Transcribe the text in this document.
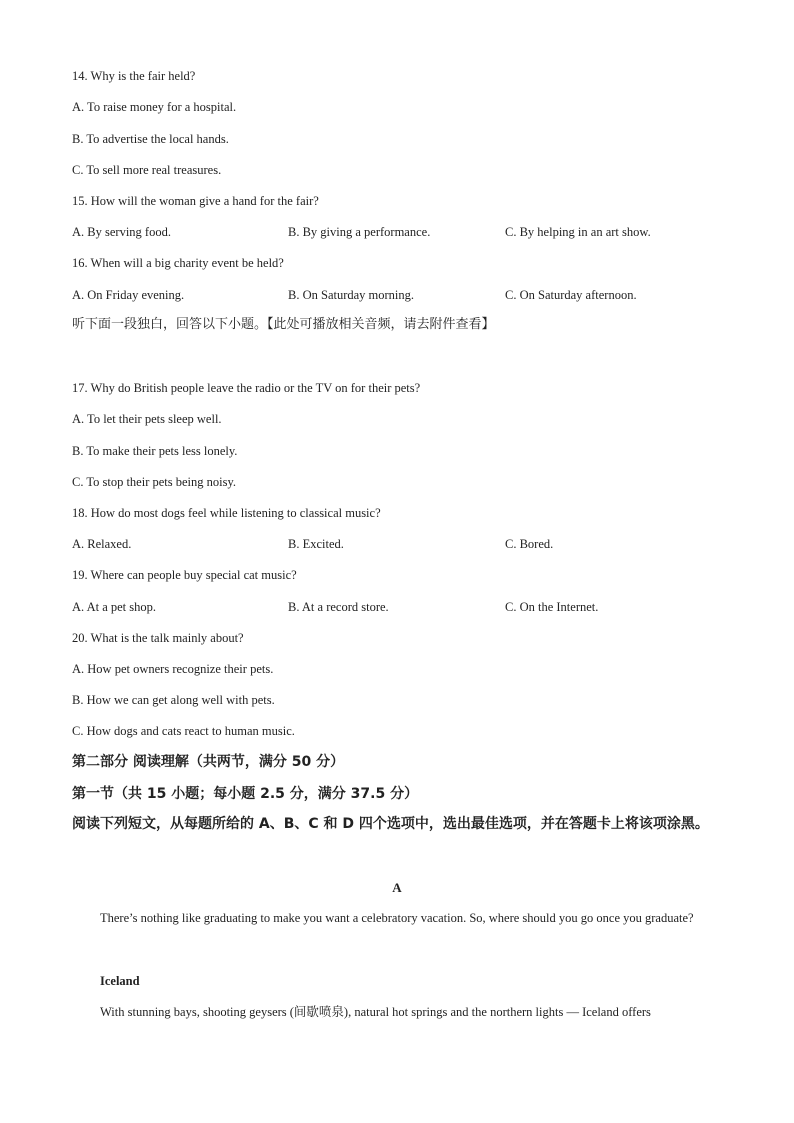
14. Why is the fair held?
A. To raise money for a hospital.
B. To advertise the local hands.
C. To sell more real treasures.
15. How will the woman give a hand for the fair?
A. By serving food.	B. By giving a performance.	C. By helping in an art show.
16. When will a big charity event be held?
A. On Friday evening.	B. On Saturday morning.	C. On Saturday afternoon.
听下面一段独白，回答以下小题。【此处可播放相关音频，请去附件查看】
17. Why do British people leave the radio or the TV on for their pets?
A. To let their pets sleep well.
B. To make their pets less lonely.
C. To stop their pets being noisy.
18. How do most dogs feel while listening to classical music?
A. Relaxed.	B. Excited.	C. Bored.
19. Where can people buy special cat music?
A. At a pet shop.	B. At a record store.	C. On the Internet.
20. What is the talk mainly about?
A. How pet owners recognize their pets.
B. How we can get along well with pets.
C. How dogs and cats react to human music.
第二部分 阅读理解（共两节，满分 50 分）
第一节（共 15 小题；每小题 2.5 分，满分 37.5 分）
阅读下列短文，从每题所给的 A、B、C 和 D 四个选项中，选出最佳选项，并在答题卡上将该项涂黑。
A
There’s nothing like graduating to make you want a celebratory vacation. So, where should you go once you graduate?
Iceland
With stunning bays, shooting geysers (间歇喷泉), natural hot springs and the northern lights — Iceland offers
